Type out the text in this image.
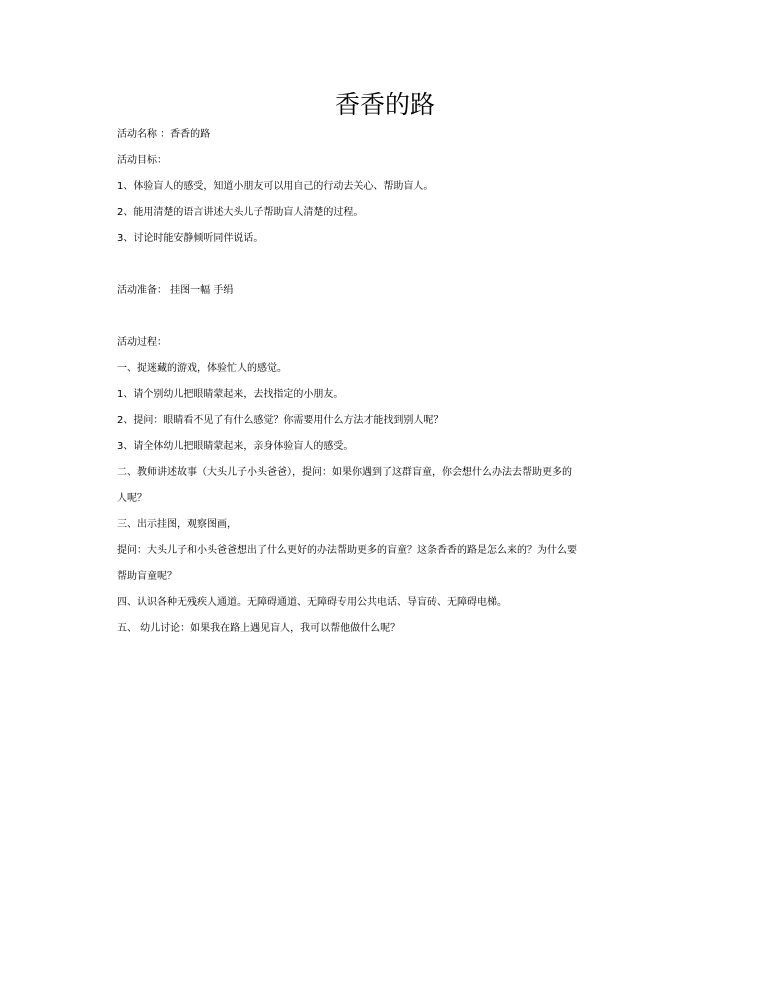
香香的路

活动名称 ：香香的路

活动目标：

1、体验盲人的感受，知道小朋友可以用自己的行动去关心、帮助盲人。

2、能用清楚的语言讲述大头儿子帮助盲人清楚的过程。

3、讨论时能安静倾听同伴说话。

活动准备： 挂图一幅 手绢

活动过程：

一、捉迷藏的游戏，体验忙人的感觉。

1、请个别幼儿把眼睛蒙起来，去找指定的小朋友。

2、提问：眼睛看不见了有什么感觉？你需要用什么方法才能找到别人呢？

3、请全体幼儿把眼睛蒙起来，亲身体验盲人的感受。

二、教师讲述故事（大头儿子小头爸爸），提问：如果你遇到了这群盲童，你会想什么办法去帮助更多的

人呢？

三、出示挂图，观察图画，

提问：大头儿子和小头爸爸想出了什么更好的办法帮助更多的盲童？这条香香的路是怎么来的？为什么要

帮助盲童呢？

四、认识各种无残疾人通道。无障碍通道、无障碍专用公共电话、导盲砖、无障碍电梯。

五、 幼儿讨论：如果我在路上遇见盲人，我可以帮他做什么呢？
